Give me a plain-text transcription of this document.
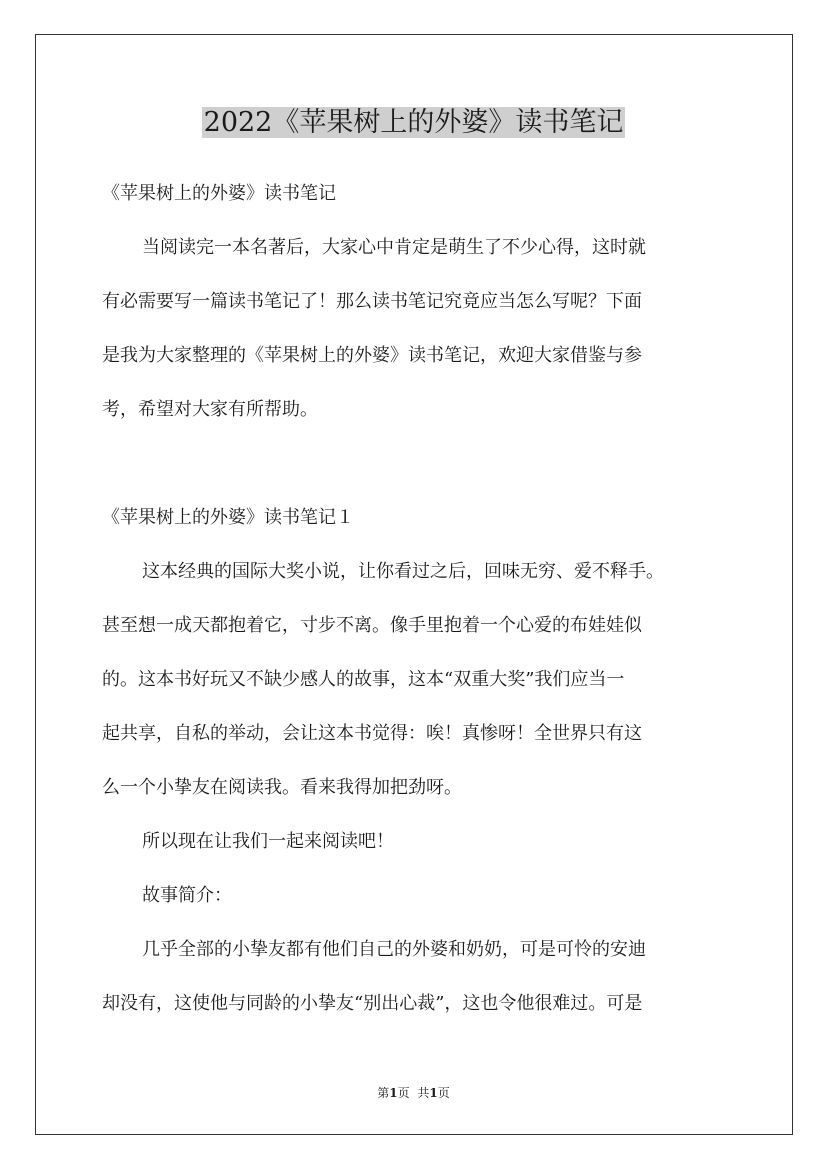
2022《苹果树上的外婆》读书笔记
《苹果树上的外婆》读书笔记
当阅读完一本名著后，大家心中肯定是萌生了不少心得，这时就
有必需要写一篇读书笔记了！那么读书笔记究竟应当怎么写呢？下面
是我为大家整理的《苹果树上的外婆》读书笔记，欢迎大家借鉴与参
考，希望对大家有所帮助。
《苹果树上的外婆》读书笔记１
这本经典的国际大奖小说，让你看过之后，回味无穷、爱不释手。
甚至想一成天都抱着它，寸步不离。像手里抱着一个心爱的布娃娃似
的。这本书好玩又不缺少感人的故事，这本“双重大奖”我们应当一
起共享，自私的举动，会让这本书觉得：唉！真惨呀！全世界只有这
么一个小挚友在阅读我。看来我得加把劲呀。
所以现在让我们一起来阅读吧！
故事简介：
几乎全部的小挚友都有他们自己的外婆和奶奶，可是可怜的安迪
却没有，这使他与同龄的小挚友“别出心裁”，这也令他很难过。可是
第1页 共1页
